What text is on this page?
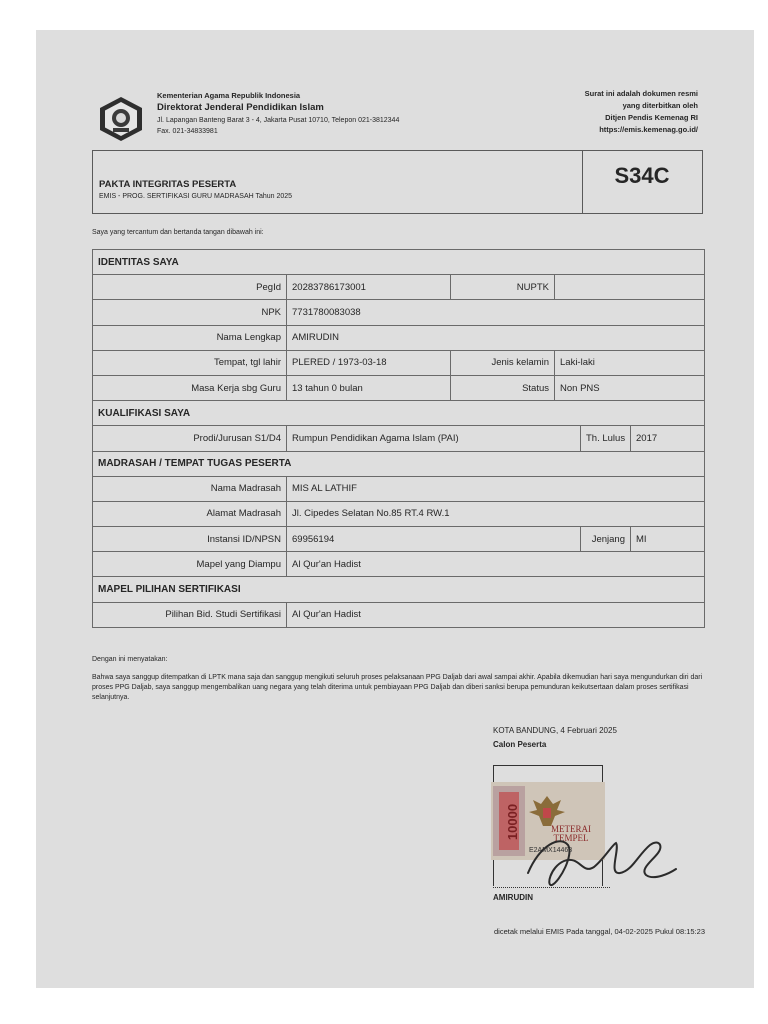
Kementerian Agama Republik Indonesia
Direktorat Jenderal Pendidikan Islam
Jl. Lapangan Banteng Barat 3 - 4, Jakarta Pusat 10710, Telepon 021-3812344
Fax. 021-34833981
Surat ini adalah dokumen resmi
yang diterbitkan oleh
Ditjen Pendis Kemenag RI
https://emis.kemenag.go.id/
PAKTA INTEGRITAS PESERTA
EMIS - PROG. SERTIFIKASI GURU MADRASAH Tahun 2025
S34C
Saya yang tercantum dan bertanda tangan dibawah ini:
IDENTITAS SAYA					
PegId	20283786173001	NUPTK			
NPK	7731780083038				
Nama Lengkap	AMIRUDIN				
Tempat, tgl lahir	PLERED / 1973-03-18	Jenis kelamin	Laki-laki		
Masa Kerja sbg Guru	13 tahun 0 bulan	Status	Non PNS		
KUALIFIKASI SAYA					
Prodi/Jurusan S1/D4	Rumpun Pendidikan Agama Islam (PAI)			Th. Lulus	2017
MADRASAH / TEMPAT TUGAS PESERTA					
Nama Madrasah	MIS AL LATHIF				
Alamat Madrasah	Jl. Cipedes Selatan No.85 RT.4 RW.1				
Instansi ID/NPSN	69956194			Jenjang	MI
Mapel yang Diampu	Al Qur'an Hadist				
MAPEL PILIHAN SERTIFIKASI					
Pilihan Bid. Studi Sertifikasi	Al Qur'an Hadist				
Dengan ini menyatakan:
Bahwa saya sanggup ditempatkan di LPTK mana saja dan sanggup mengikuti seluruh proses pelaksanaan PPG Daljab dari awal sampai akhir. Apabila dikemudian hari saya mengundurkan diri dari proses PPG Daljab, saya sanggup mengembalikan uang negara yang telah diterima untuk pembiayaan PPG Daljab dan diberi sanksi berupa pemunduran keikutsertaan dalam proses sertifikasi selanjutnya.
KOTA BANDUNG, 4 Februari 2025
Calon Peserta
10000	METERAI
TEMPEL
E2AMX14468
AMIRUDIN
dicetak melalui EMIS Pada tanggal, 04-02-2025 Pukul 08:15:23
